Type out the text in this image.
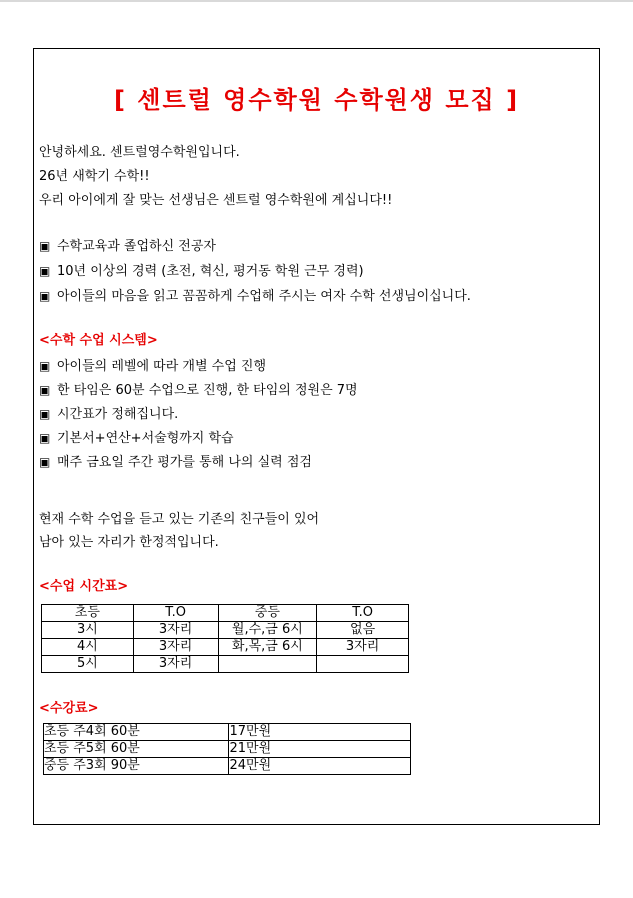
[ 센트럴 영수학원 수학원생 모집 ]
안녕하세요. 센트럴영수학원입니다.
26년 새학기 수학!!
우리 아이에게 잘 맞는 선생님은 센트럴 영수학원에 계십니다!!
▣ 수학교육과 졸업하신 전공자
▣ 10년 이상의 경력 (초전, 혁신, 평거동 학원 근무 경력)
▣ 아이들의 마음을 읽고 꼼꼼하게 수업해 주시는 여자 수학 선생님이십니다.
<수학 수업 시스템>
▣ 아이들의 레벨에 따라 개별 수업 진행
▣ 한 타임은 60분 수업으로 진행, 한 타임의 정원은 7명
▣ 시간표가 정해집니다.
▣ 기본서+연산+서술형까지 학습
▣ 매주 금요일 주간 평가를 통해 나의 실력 점검
현재 수학 수업을 듣고 있는 기존의 친구들이 있어
남아 있는 자리가 한정적입니다.
<수업 시간표>
초등	T.O	중등	T.O
3시	3자리	월,수,금 6시	없음
4시	3자리	화,목,금 6시	3자리
5시	3자리		
<수강료>
초등 주4회 60분	17만원
초등 주5회 60분	21만원
중등 주3회 90분	24만원
